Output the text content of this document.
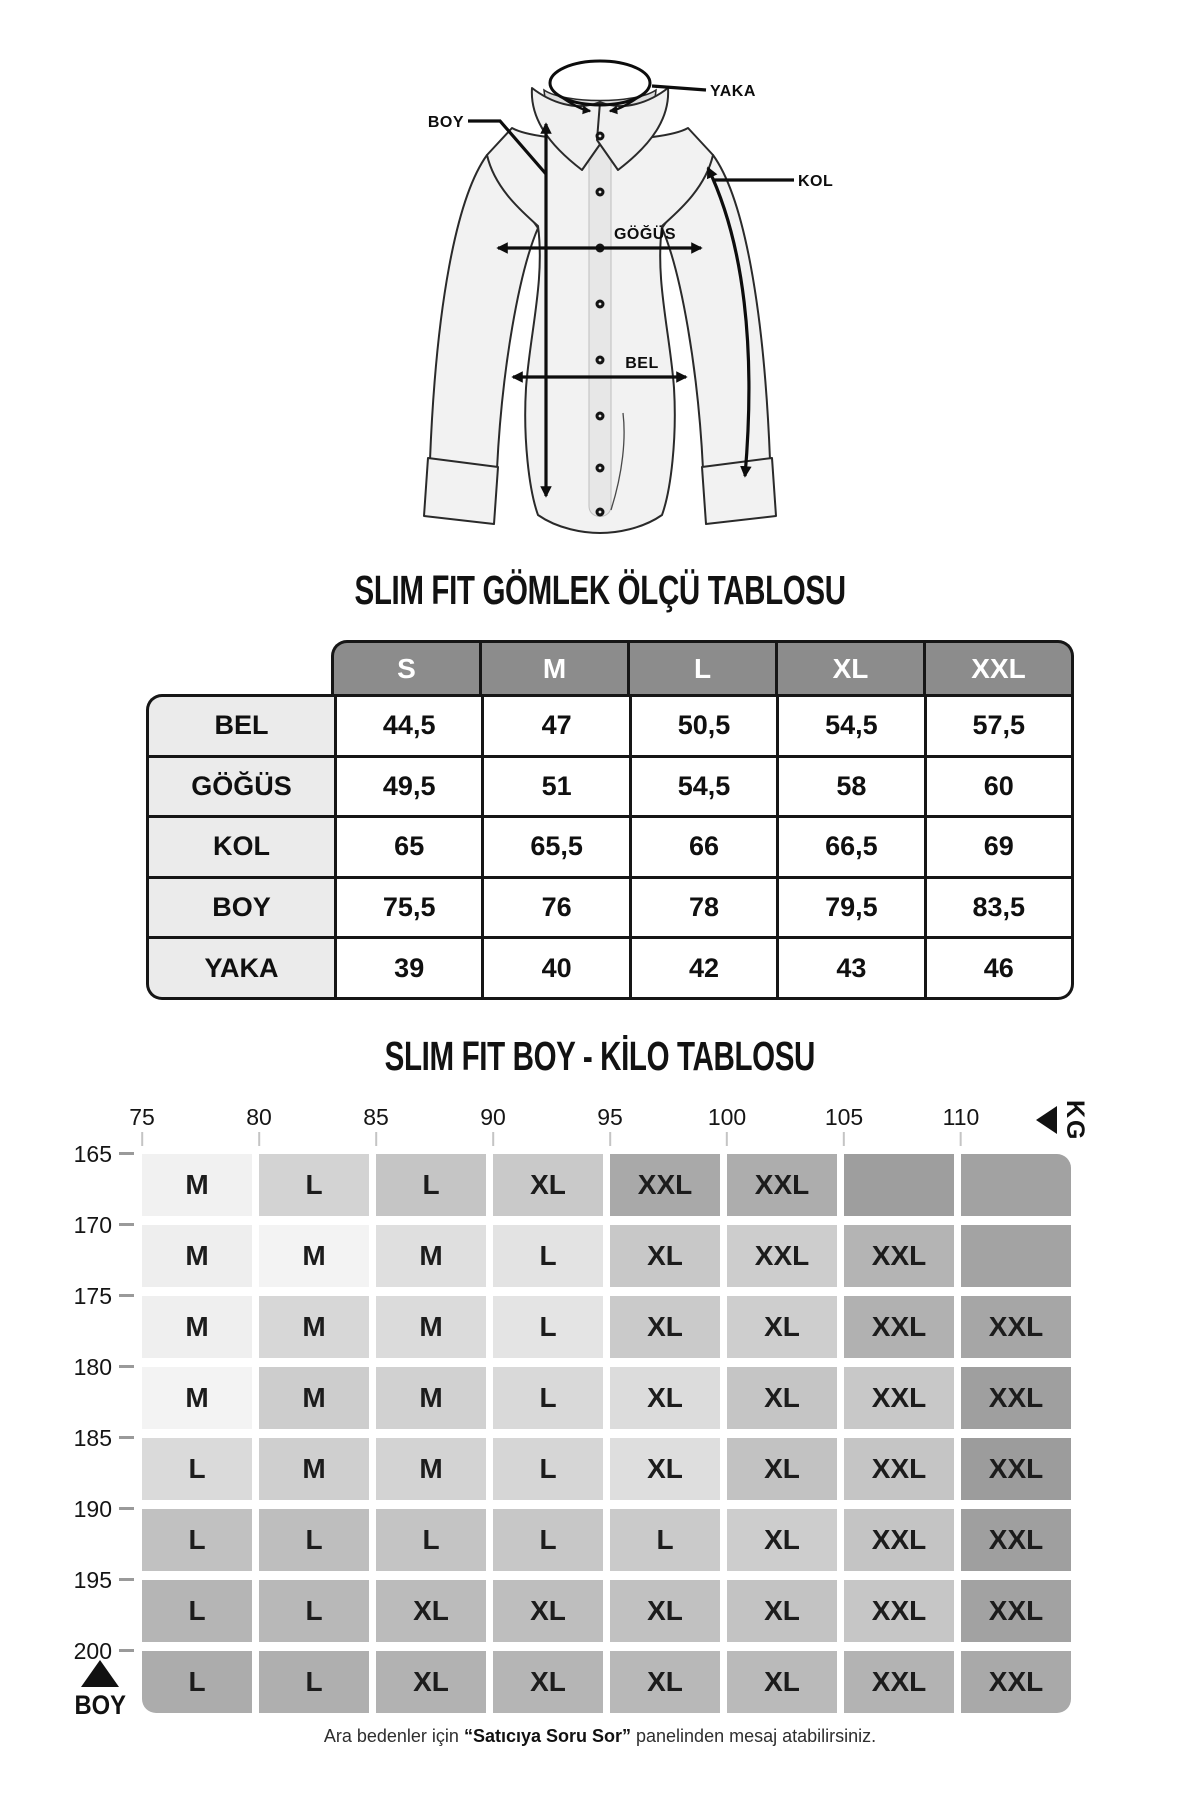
YAKA
BOY
KOL
GÖĞÜS
BEL
SLIM FIT GÖMLEK ÖLÇÜ TABLOSU
S	M	L	XL	XXL
BEL	44,5	47	50,5	54,5	57,5
GÖĞÜS	49,5	51	54,5	58	60
KOL	65	65,5	66	66,5	69
BOY	75,5	76	78	79,5	83,5
YAKA	39	40	42	43	46
SLIM FIT BOY - KİLO TABLOSU
75	80	85	90	95	100	105	110	KG
165
170
175
180
185
190
195
200
M	L	L	XL	XXL	XXL
M	M	M	L	XL	XXL	XXL
M	M	M	L	XL	XL	XXL	XXL
M	M	M	L	XL	XL	XXL	XXL
L	M	M	L	XL	XL	XXL	XXL
L	L	L	L	L	XL	XXL	XXL
L	L	XL	XL	XL	XL	XXL	XXL
L	L	XL	XL	XL	XL	XXL	XXL
BOY
Ara bedenler için “Satıcıya Soru Sor” panelinden mesaj atabilirsiniz.
